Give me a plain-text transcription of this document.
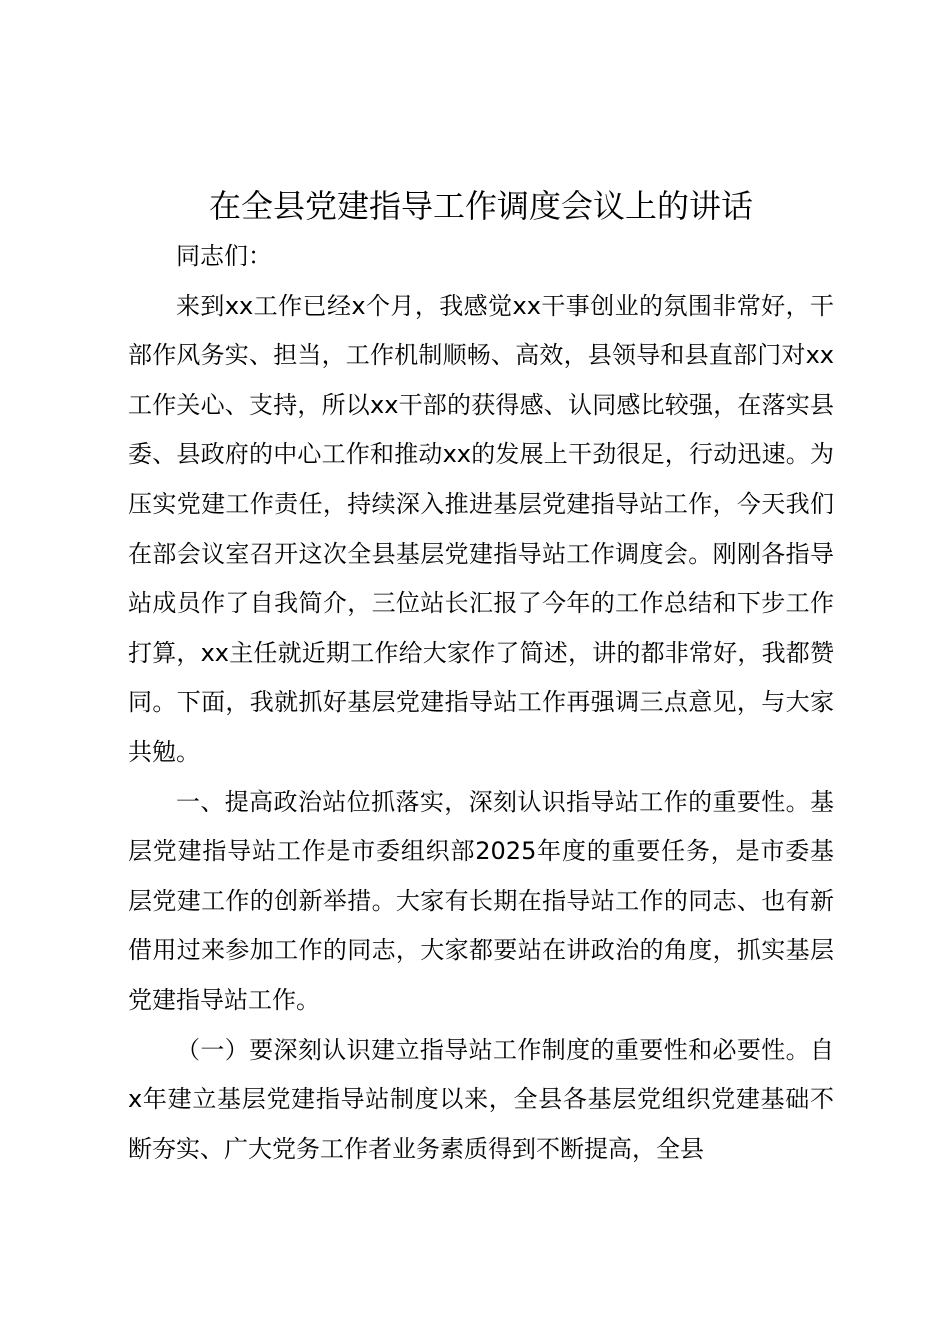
在全县党建指导工作调度会议上的讲话

同志们：

来到xx工作已经x个月，我感觉xx干事创业的氛围非常好，干部作风务实、担当，工作机制顺畅、高效，县领导和县直部门对xx工作关心、支持，所以xx干部的获得感、认同感比较强，在落实县委、县政府的中心工作和推动xx的发展上干劲很足，行动迅速。为压实党建工作责任，持续深入推进基层党建指导站工作，今天我们在部会议室召开这次全县基层党建指导站工作调度会。刚刚各指导站成员作了自我简介，三位站长汇报了今年的工作总结和下步工作打算，xx主任就近期工作给大家作了简述，讲的都非常好，我都赞同。下面，我就抓好基层党建指导站工作再强调三点意见，与大家共勉。

一、提高政治站位抓落实，深刻认识指导站工作的重要性。基层党建指导站工作是市委组织部2025年度的重要任务，是市委基层党建工作的创新举措。大家有长期在指导站工作的同志、也有新借用过来参加工作的同志，大家都要站在讲政治的角度，抓实基层党建指导站工作。

（一）要深刻认识建立指导站工作制度的重要性和必要性。自x年建立基层党建指导站制度以来，全县各基层党组织党建基础不断夯实、广大党务工作者业务素质得到不断提高，全县
